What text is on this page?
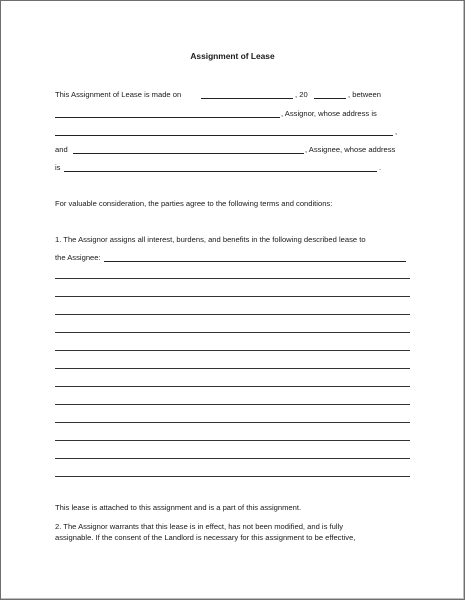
Assignment of Lease
This Assignment of Lease is made on	, 20	, between
, Assignor, whose address is
,
and	, Assignee, whose address
is	.
For valuable consideration, the parties agree to the following terms and conditions:
1. The Assignor assigns all interest, burdens, and benefits in the following described lease to
the Assignee:
This lease is attached to this assignment and is a part of this assignment.
2. The Assignor warrants that this lease is in effect, has not been modified, and is fully
assignable. If the consent of the Landlord is necessary for this assignment to be effective,
